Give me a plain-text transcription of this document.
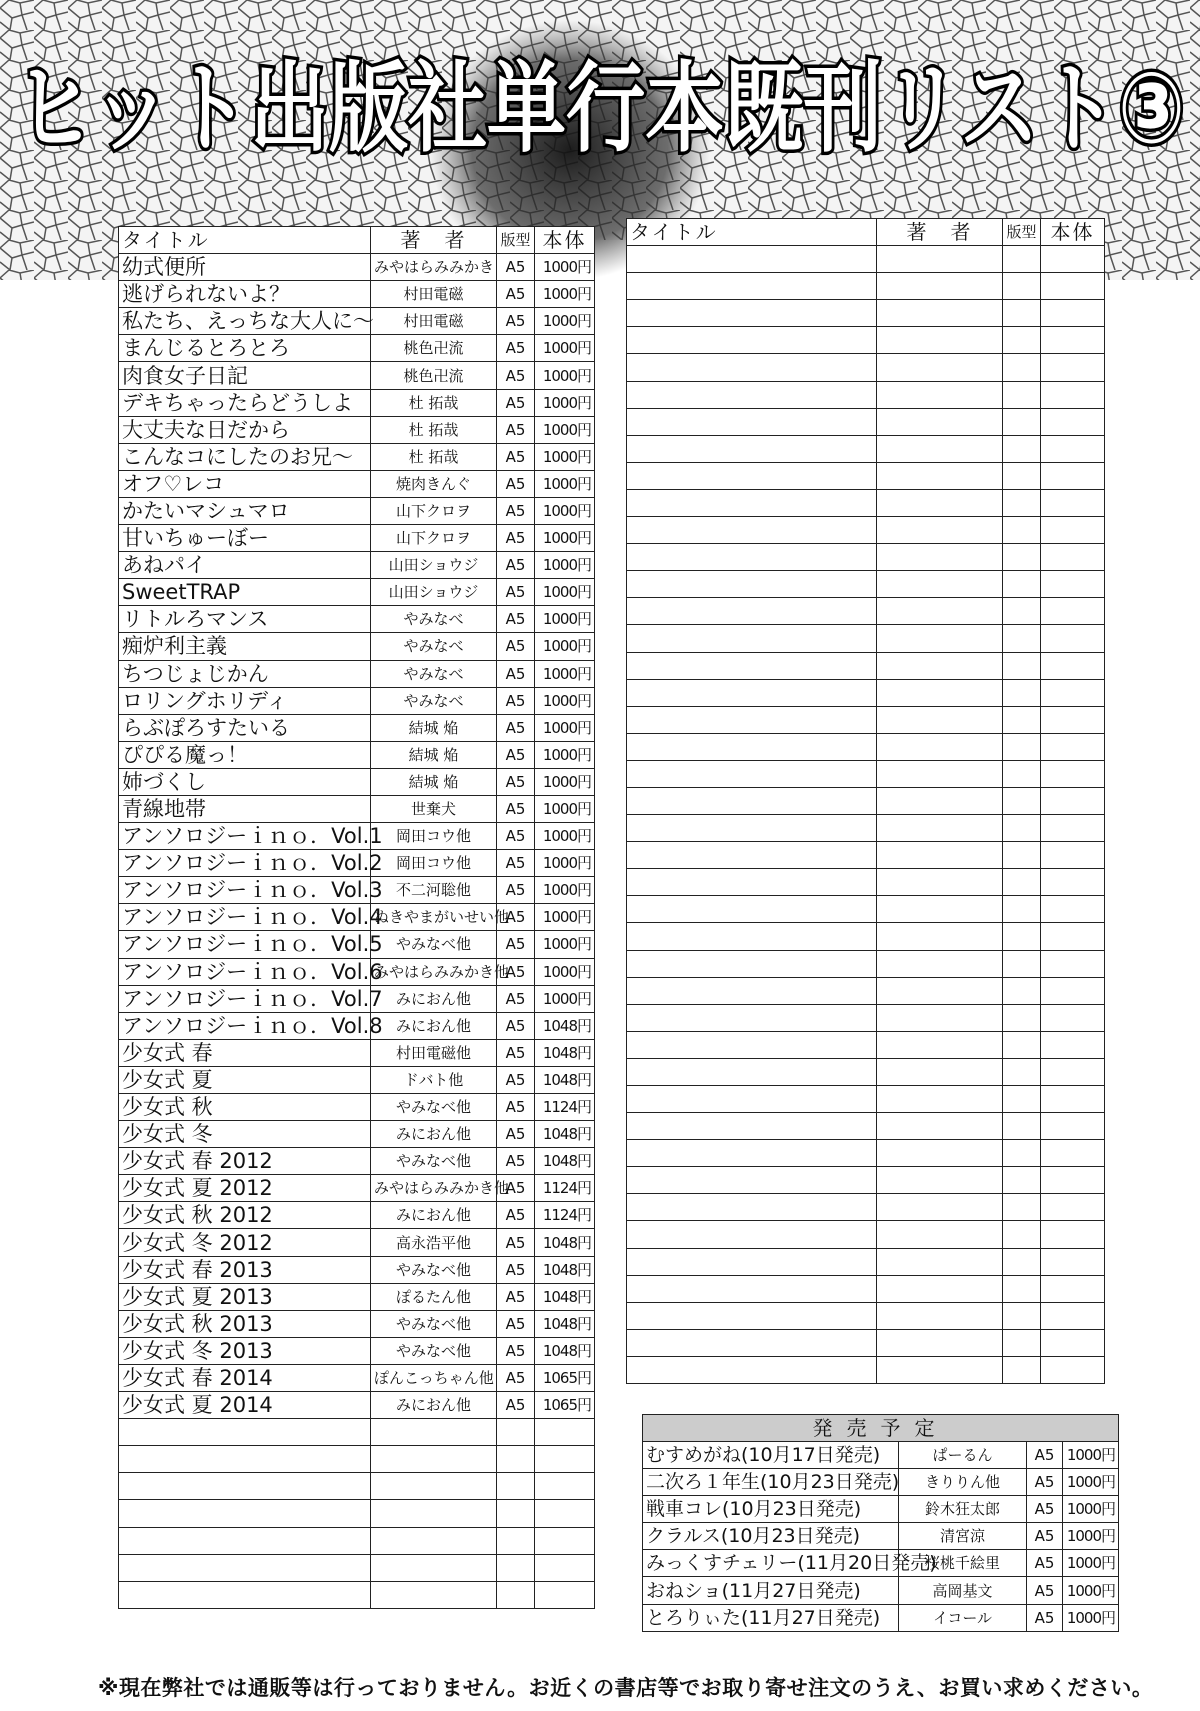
ヒット出版社単行本既刊リスト③
タイトル	著　者	版型	本体
幼式便所	みやはらみみかき	A5	1000円
逃げられないよ？	村田電磁	A5	1000円
私たち、えっちな大人に～	村田電磁	A5	1000円
まんじるとろとろ	桃色卍流	A5	1000円
肉食女子日記	桃色卍流	A5	1000円
デキちゃったらどうしよ	杜 拓哉	A5	1000円
大丈夫な日だから	杜 拓哉	A5	1000円
こんなコにしたのお兄～	杜 拓哉	A5	1000円
オフ♡レコ	焼肉きんぐ	A5	1000円
かたいマシュマロ	山下クロヲ	A5	1000円
甘いちゅーぼー	山下クロヲ	A5	1000円
あねパイ	山田ショウジ	A5	1000円
SweetTRAP	山田ショウジ	A5	1000円
リトルろマンス	やみなべ	A5	1000円
痴炉利主義	やみなべ	A5	1000円
ちつじょじかん	やみなべ	A5	1000円
ロリングホリディ	やみなべ	A5	1000円
らぶぽろすたいる	結城 焔	A5	1000円
ぴぴる魔っ！	結城 焔	A5	1000円
姉づくし	結城 焔	A5	1000円
青線地帯	世棄犬	A5	1000円
アンソロジーｉｎｏ．Vol.1	岡田コウ他	A5	1000円
アンソロジーｉｎｏ．Vol.2	岡田コウ他	A5	1000円
アンソロジーｉｎｏ．Vol.3	不二河聡他	A5	1000円
アンソロジーｉｎｏ．Vol.4	ぬきやまがいせい他	A5	1000円
アンソロジーｉｎｏ．Vol.5	やみなべ他	A5	1000円
アンソロジーｉｎｏ．Vol.6	みやはらみみかき他	A5	1000円
アンソロジーｉｎｏ．Vol.7	みにおん他	A5	1000円
アンソロジーｉｎｏ．Vol.8	みにおん他	A5	1048円
少女式 春	村田電磁他	A5	1048円
少女式 夏	ドバト他	A5	1048円
少女式 秋	やみなべ他	A5	1124円
少女式 冬	みにおん他	A5	1048円
少女式 春 2012	やみなべ他	A5	1048円
少女式 夏 2012	みやはらみみかき他	A5	1124円
少女式 秋 2012	みにおん他	A5	1124円
少女式 冬 2012	高永浩平他	A5	1048円
少女式 春 2013	やみなべ他	A5	1048円
少女式 夏 2013	ぽるたん他	A5	1048円
少女式 秋 2013	やみなべ他	A5	1048円
少女式 冬 2013	やみなべ他	A5	1048円
少女式 春 2014	ぽんこっちゃん他	A5	1065円
少女式 夏 2014	みにおん他	A5	1065円

タイトル	著　者	版型	本体

発売予定			
むすめがね(10月17日発売)	ぱーるん	A5	1000円
二次ろ１年生(10月23日発売)	きりりん他	A5	1000円
戦車コレ(10月23日発売)	鈴木狂太郎	A5	1000円
クラルス(10月23日発売)	清宮涼	A5	1000円
みっくすチェリー(11月20日発売)	桜桃千絵里	A5	1000円
おねショ(11月27日発売)	高岡基文	A5	1000円
とろりぃた(11月27日発売)	イコール	A5	1000円
※現在弊社では通販等は行っておりません。お近くの書店等でお取り寄せ注文のうえ、お買い求めください。
